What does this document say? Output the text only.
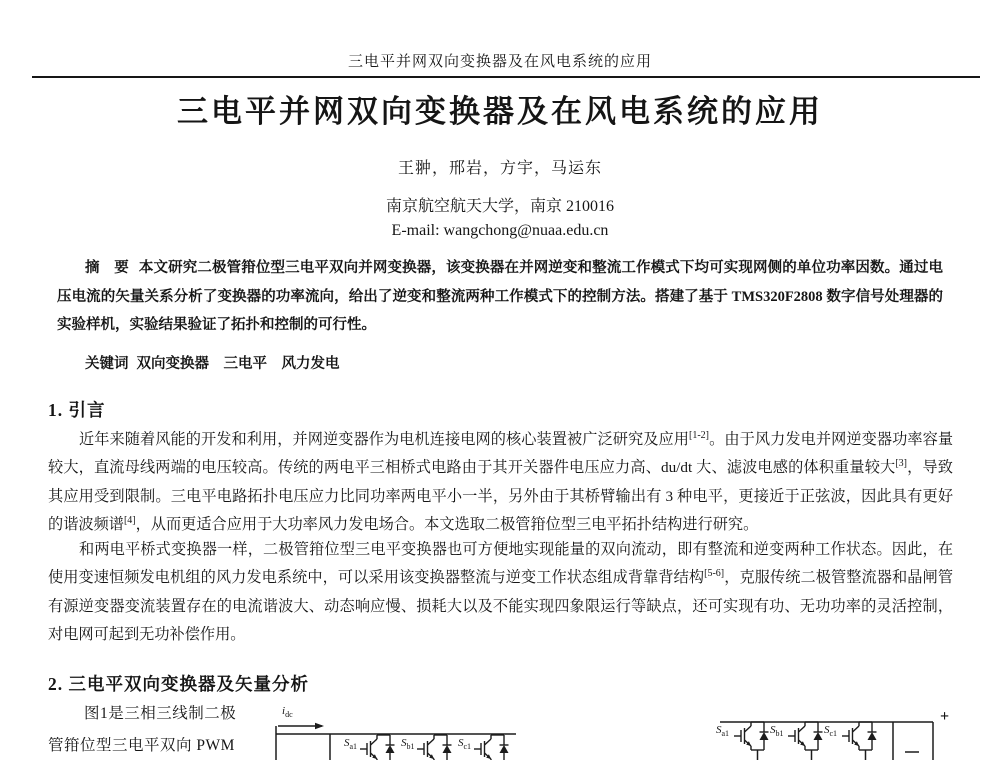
三电平并网双向变换器及在风电系统的应用
三电平并网双向变换器及在风电系统的应用
王翀，邢岩，方宇，马运东
南京航空航天大学，南京 210016
E-mail: wangchong@nuaa.edu.cn

摘　要 本文研究二极管箝位型三电平双向并网变换器，该变换器在并网逆变和整流工作模式下均可实现网侧的单位功率因数。通过电压电流的矢量关系分析了变换器的功率流向，给出了逆变和整流两种工作模式下的控制方法。搭建了基于 TMS320F2808 数字信号处理器的实验样机，实验结果验证了拓扑和控制的可行性。

关键词 双向变换器　三电平　风力发电

1. 引言

近年来随着风能的开发和利用，并网逆变器作为电机连接电网的核心装置被广泛研究及应用[1-2]。由于风力发电并网逆变器功率容量较大，直流母线两端的电压较高。传统的两电平三相桥式电路由于其开关器件电压应力高、du/dt 大、滤波电感的体积重量较大[3]，导致其应用受到限制。三电平电路拓扑电压应力比同功率两电平小一半，另外由于其桥臂输出有 3 种电平，更接近于正弦波，因此具有更好的谐波频谱[4]，从而更适合应用于大功率风力发电场合。本文选取二极管箝位型三电平拓扑结构进行研究。

和两电平桥式变换器一样，二极管箝位型三电平变换器也可方便地实现能量的双向流动，即有整流和逆变两种工作状态。因此，在使用变速恒频发电机组的风力发电系统中，可以采用该变换器整流与逆变工作状态组成背靠背结构[5-6]，克服传统二极管整流器和晶闸管有源逆变器变流装置存在的电流谐波大、动态响应慢、损耗大以及不能实现四象限运行等缺点，还可实现有功、无功功率的灵活控制，对电网可起到无功补偿作用。

2. 三电平双向变换器及矢量分析
图1是三相三线制二极
管箝位型三电平双向 PWM
$i_{dc}$
$S_{a1}$	$S_{b1}$	$S_{c1}$
$S_{a1}$	$S_{b1}$	$S_{c1}$
+
